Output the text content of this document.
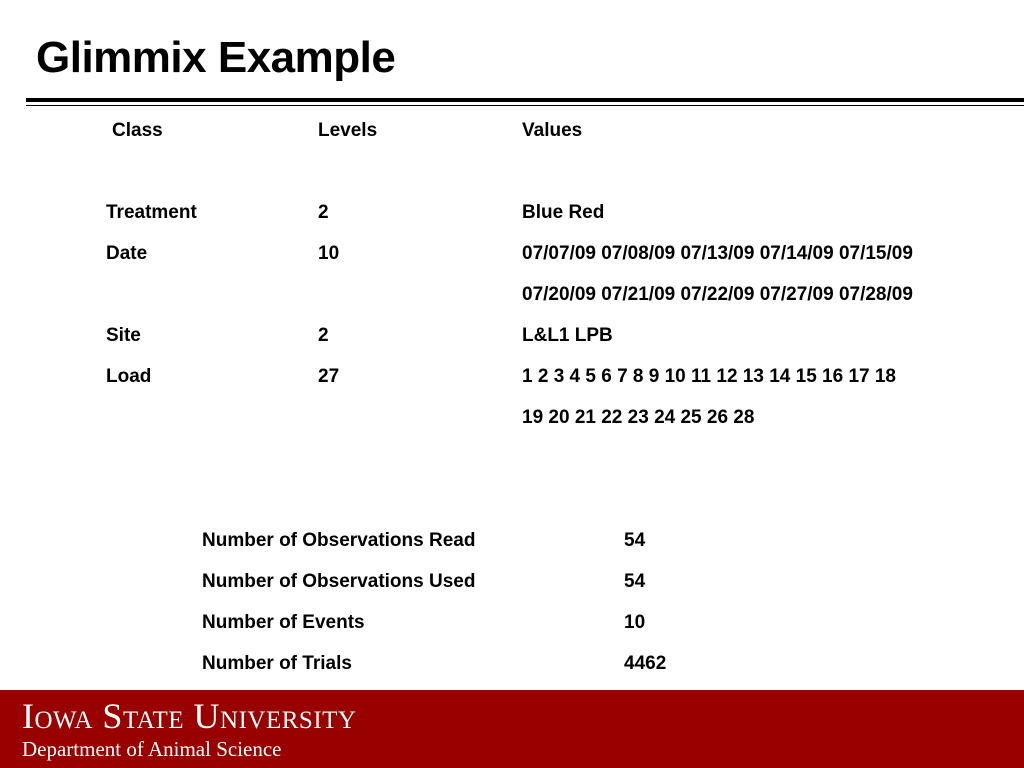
Glimmix Example
Class	Levels	Values
Treatment	2	Blue Red
Date	10	07/07/09 07/08/09 07/13/09 07/14/09 07/15/09
07/20/09 07/21/09 07/22/09 07/27/09 07/28/09
Site	2	L&L1 LPB
Load	27	1 2 3 4 5 6 7 8 9 10 11 12 13 14 15 16 17 18
19 20 21 22 23 24 25 26 28
Number of Observations Read	54
Number of Observations Used	54
Number of Events	10
Number of Trials	4462
Iowa State University
Department of Animal Science
